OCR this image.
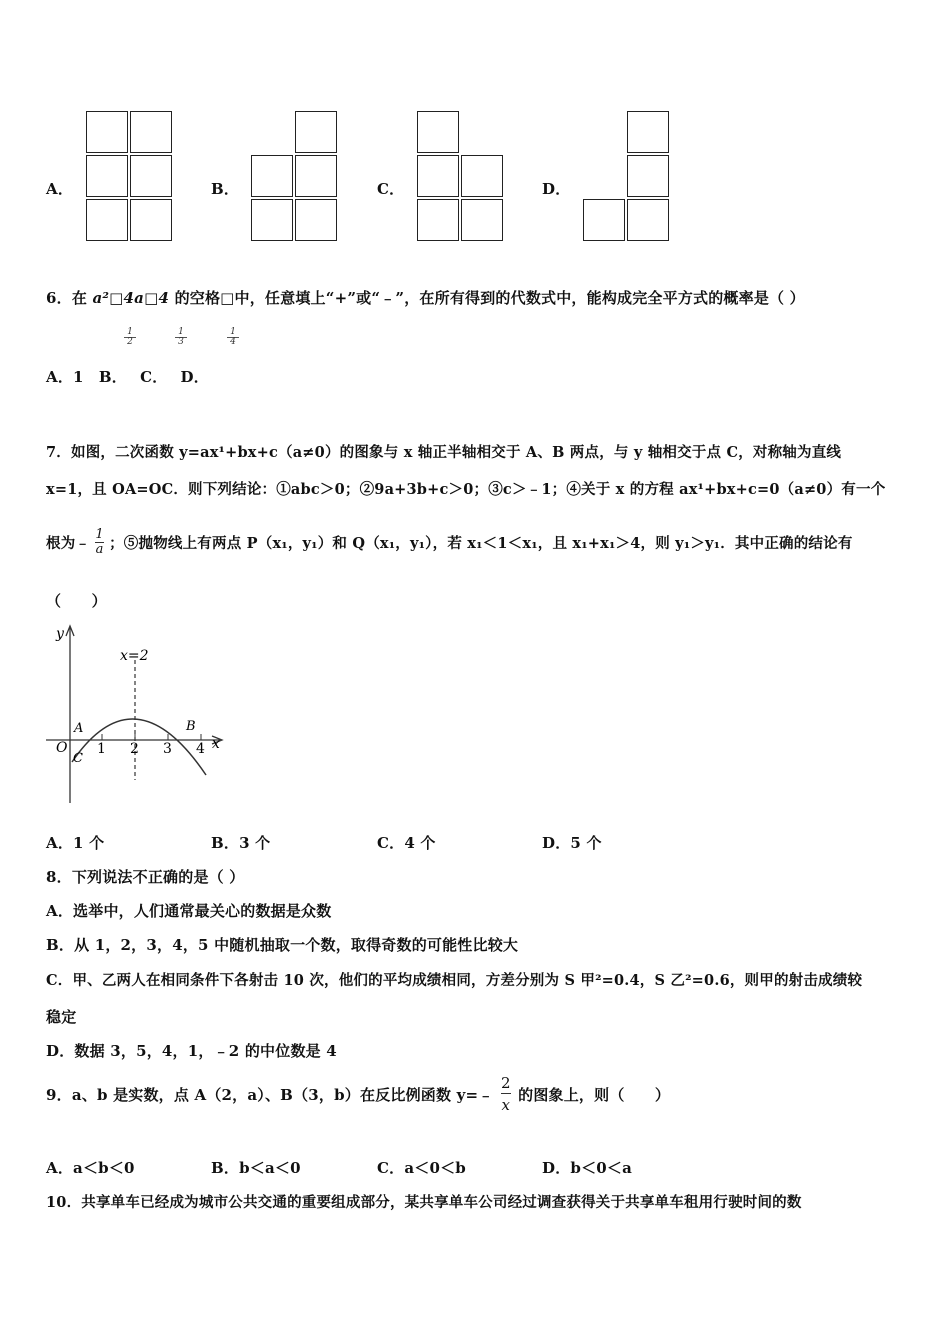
A．	B．	C．	D．
6．在 a²□4a□4 的空格□中，任意填上“+”或“﹣”，在所有得到的代数式中，能构成完全平方式的概率是（ ）
$\frac{1}{2}$	$\frac{1}{3}$	$\frac{1}{4}$
A．1　B．　 C．　 D．
7．如图，二次函数 y=ax¹+bx+c（a≠0）的图象与 x 轴正半轴相交于 A、B 两点，与 y 轴相交于点 C，对称轴为直线
x=1，且 OA=OC．则下列结论：①abc＞0；②9a+3b+c＞0；③c＞﹣1；④关于 x 的方程 ax¹+bx+c=0（a≠0）有一个
根为﹣ $\frac{1}{a}$ ；⑤抛物线上有两点 P（x₁，y₁）和 Q（x₁，y₁），若 x₁＜1＜x₁，且 x₁+x₁＞4，则 y₁＞y₁．其中正确的结论有
（　　）
y
x
x=2
O 1 2 3 4
A	B
C
A．1 个	B．3 个	C．4 个	D．5 个
8．下列说法不正确的是（ ）
A．选举中，人们通常最关心的数据是众数
B．从 1，2，3，4，5 中随机抽取一个数，取得奇数的可能性比较大
C．甲、乙两人在相同条件下各射击 10 次，他们的平均成绩相同，方差分别为 S 甲²=0.4，S 乙²=0.6，则甲的射击成绩较
稳定
D．数据 3，5，4，1，﹣2 的中位数是 4
9．a、b 是实数，点 A（2，a）、B（3，b）在反比例函数 y=﹣ $\frac{2}{x}$ 的图象上，则（　　）
A．a＜b＜0	B．b＜a＜0	C．a＜0＜b	D．b＜0＜a
10．共享单车已经成为城市公共交通的重要组成部分，某共享单车公司经过调查获得关于共享单车租用行驶时间的数
